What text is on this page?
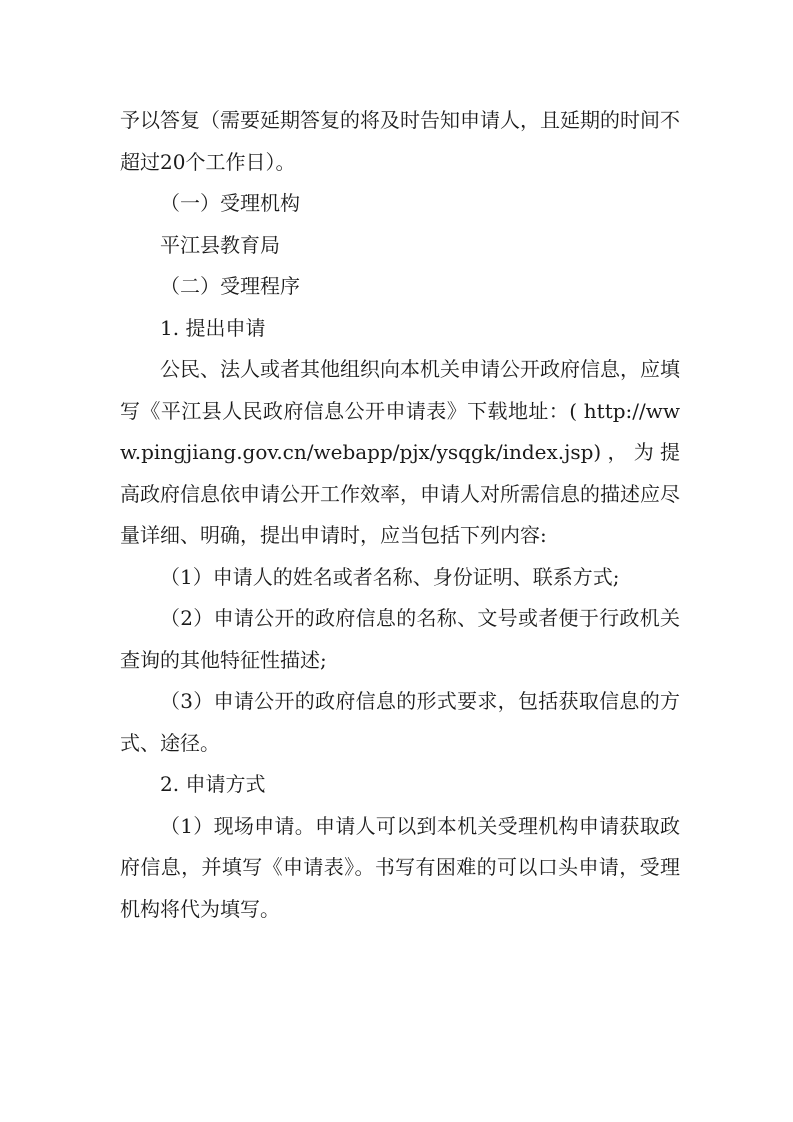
予以答复（需要延期答复的将及时告知申请人，且延期的时间不超过20个工作日）。

（一）受理机构

平江县教育局

（二）受理程序

1. 提出申请

公民、法人或者其他组织向本机关申请公开政府信息，应填写《平江县人民政府信息公开申请表》下载地址：( http://www.pingjiang.gov.cn/webapp/pjx/ysqgk/index.jsp)，为提高政府信息依申请公开工作效率，申请人对所需信息的描述应尽量详细、明确，提出申请时，应当包括下列内容:

（1）申请人的姓名或者名称、身份证明、联系方式;

（2）申请公开的政府信息的名称、文号或者便于行政机关查询的其他特征性描述;

（3）申请公开的政府信息的形式要求，包括获取信息的方式、途径。

2. 申请方式

（1）现场申请。申请人可以到本机关受理机构申请获取政府信息，并填写《申请表》。书写有困难的可以口头申请，受理机构将代为填写。
